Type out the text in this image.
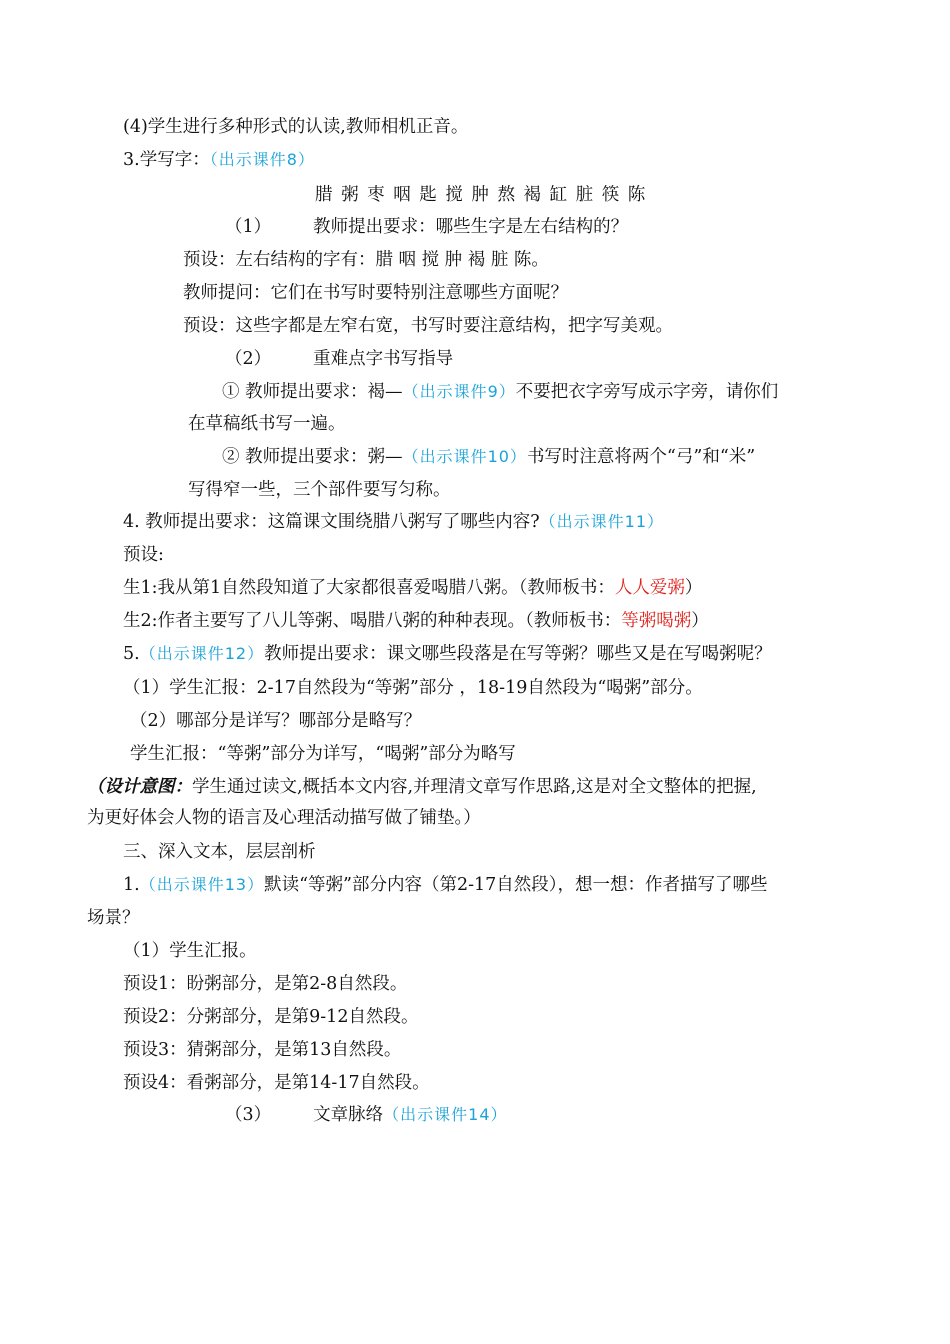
(4)学生进行多种形式的认读,教师相机正音。
3.学写字：（出示课件8）
腊 粥 枣 咽 匙 搅 肿 熬 褐 缸 脏 筷 陈
（1） 教师提出要求：哪些生字是左右结构的？
预设：左右结构的字有：腊 咽 搅 肿 褐 脏 陈。
教师提问：它们在书写时要特别注意哪些方面呢？
预设：这些字都是左窄右宽，书写时要注意结构，把字写美观。
（2） 重难点字书写指导
① 教师提出要求：褐—（出示课件9）不要把衣字旁写成示字旁，请你们
在草稿纸书写一遍。
② 教师提出要求：粥—（出示课件10）书写时注意将两个“弓”和“米”
写得窄一些，三个部件要写匀称。
4. 教师提出要求：这篇课文围绕腊八粥写了哪些内容?（出示课件11）
预设:
生1:我从第1自然段知道了大家都很喜爱喝腊八粥。（教师板书：人人爱粥）
生2:作者主要写了八儿等粥、喝腊八粥的种种表现。（教师板书：等粥喝粥）
5.（出示课件12）教师提出要求：课文哪些段落是在写等粥？哪些又是在写喝粥呢？
（1）学生汇报：2-17自然段为“等粥”部分 ，18-19自然段为“喝粥”部分。
（2）哪部分是详写？哪部分是略写？
学生汇报：“等粥”部分为详写，“喝粥”部分为略写
（设计意图：学生通过读文,概括本文内容,并理清文章写作思路,这是对全文整体的把握,
为更好体会人物的语言及心理活动描写做了铺垫。）
三、深入文本，层层剖析
1.（出示课件13）默读“等粥”部分内容（第2-17自然段），想一想：作者描写了哪些
场景？
（1）学生汇报。
预设1：盼粥部分，是第2-8自然段。
预设2：分粥部分，是第9-12自然段。
预设3：猜粥部分，是第13自然段。
预设4：看粥部分，是第14-17自然段。
（3） 文章脉络（出示课件14）
